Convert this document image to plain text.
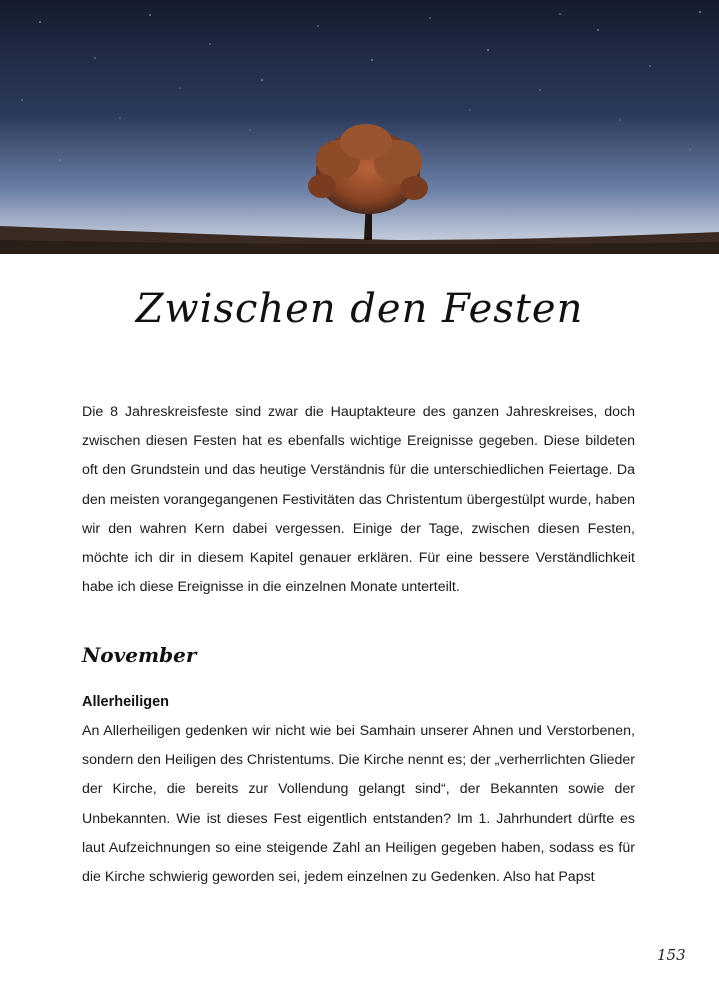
Zwischen den Festen

Die 8 Jahreskreisfeste sind zwar die Hauptakteure des ganzen Jahreskreises, doch zwischen diesen Festen hat es ebenfalls wichtige Ereignisse gegeben. Diese bildeten oft den Grundstein und das heutige Verständnis für die unterschiedlichen Feiertage. Da den meisten vorangegangenen Festivitäten das Christentum übergestülpt wurde, haben wir den wahren Kern dabei vergessen. Einige der Tage, zwischen diesen Festen, möchte ich dir in diesem Kapitel genauer erklären. Für eine bessere Verständlichkeit habe ich diese Ereignisse in die einzelnen Monate unterteilt.

November
Allerheiligen

An Allerheiligen gedenken wir nicht wie bei Samhain unserer Ahnen und Verstorbenen, sondern den Heiligen des Christentums. Die Kirche nennt es; der „verherrlichten Glieder der Kirche, die bereits zur Vollendung gelangt sind“, der Bekannten sowie der Unbekannten. Wie ist dieses Fest eigentlich entstanden? Im 1. Jahrhundert dürfte es laut Aufzeichnungen so eine steigende Zahl an Heiligen gegeben haben, sodass es für die Kirche schwierig geworden sei, jedem einzelnen zu Gedenken. Also hat Papst

153
